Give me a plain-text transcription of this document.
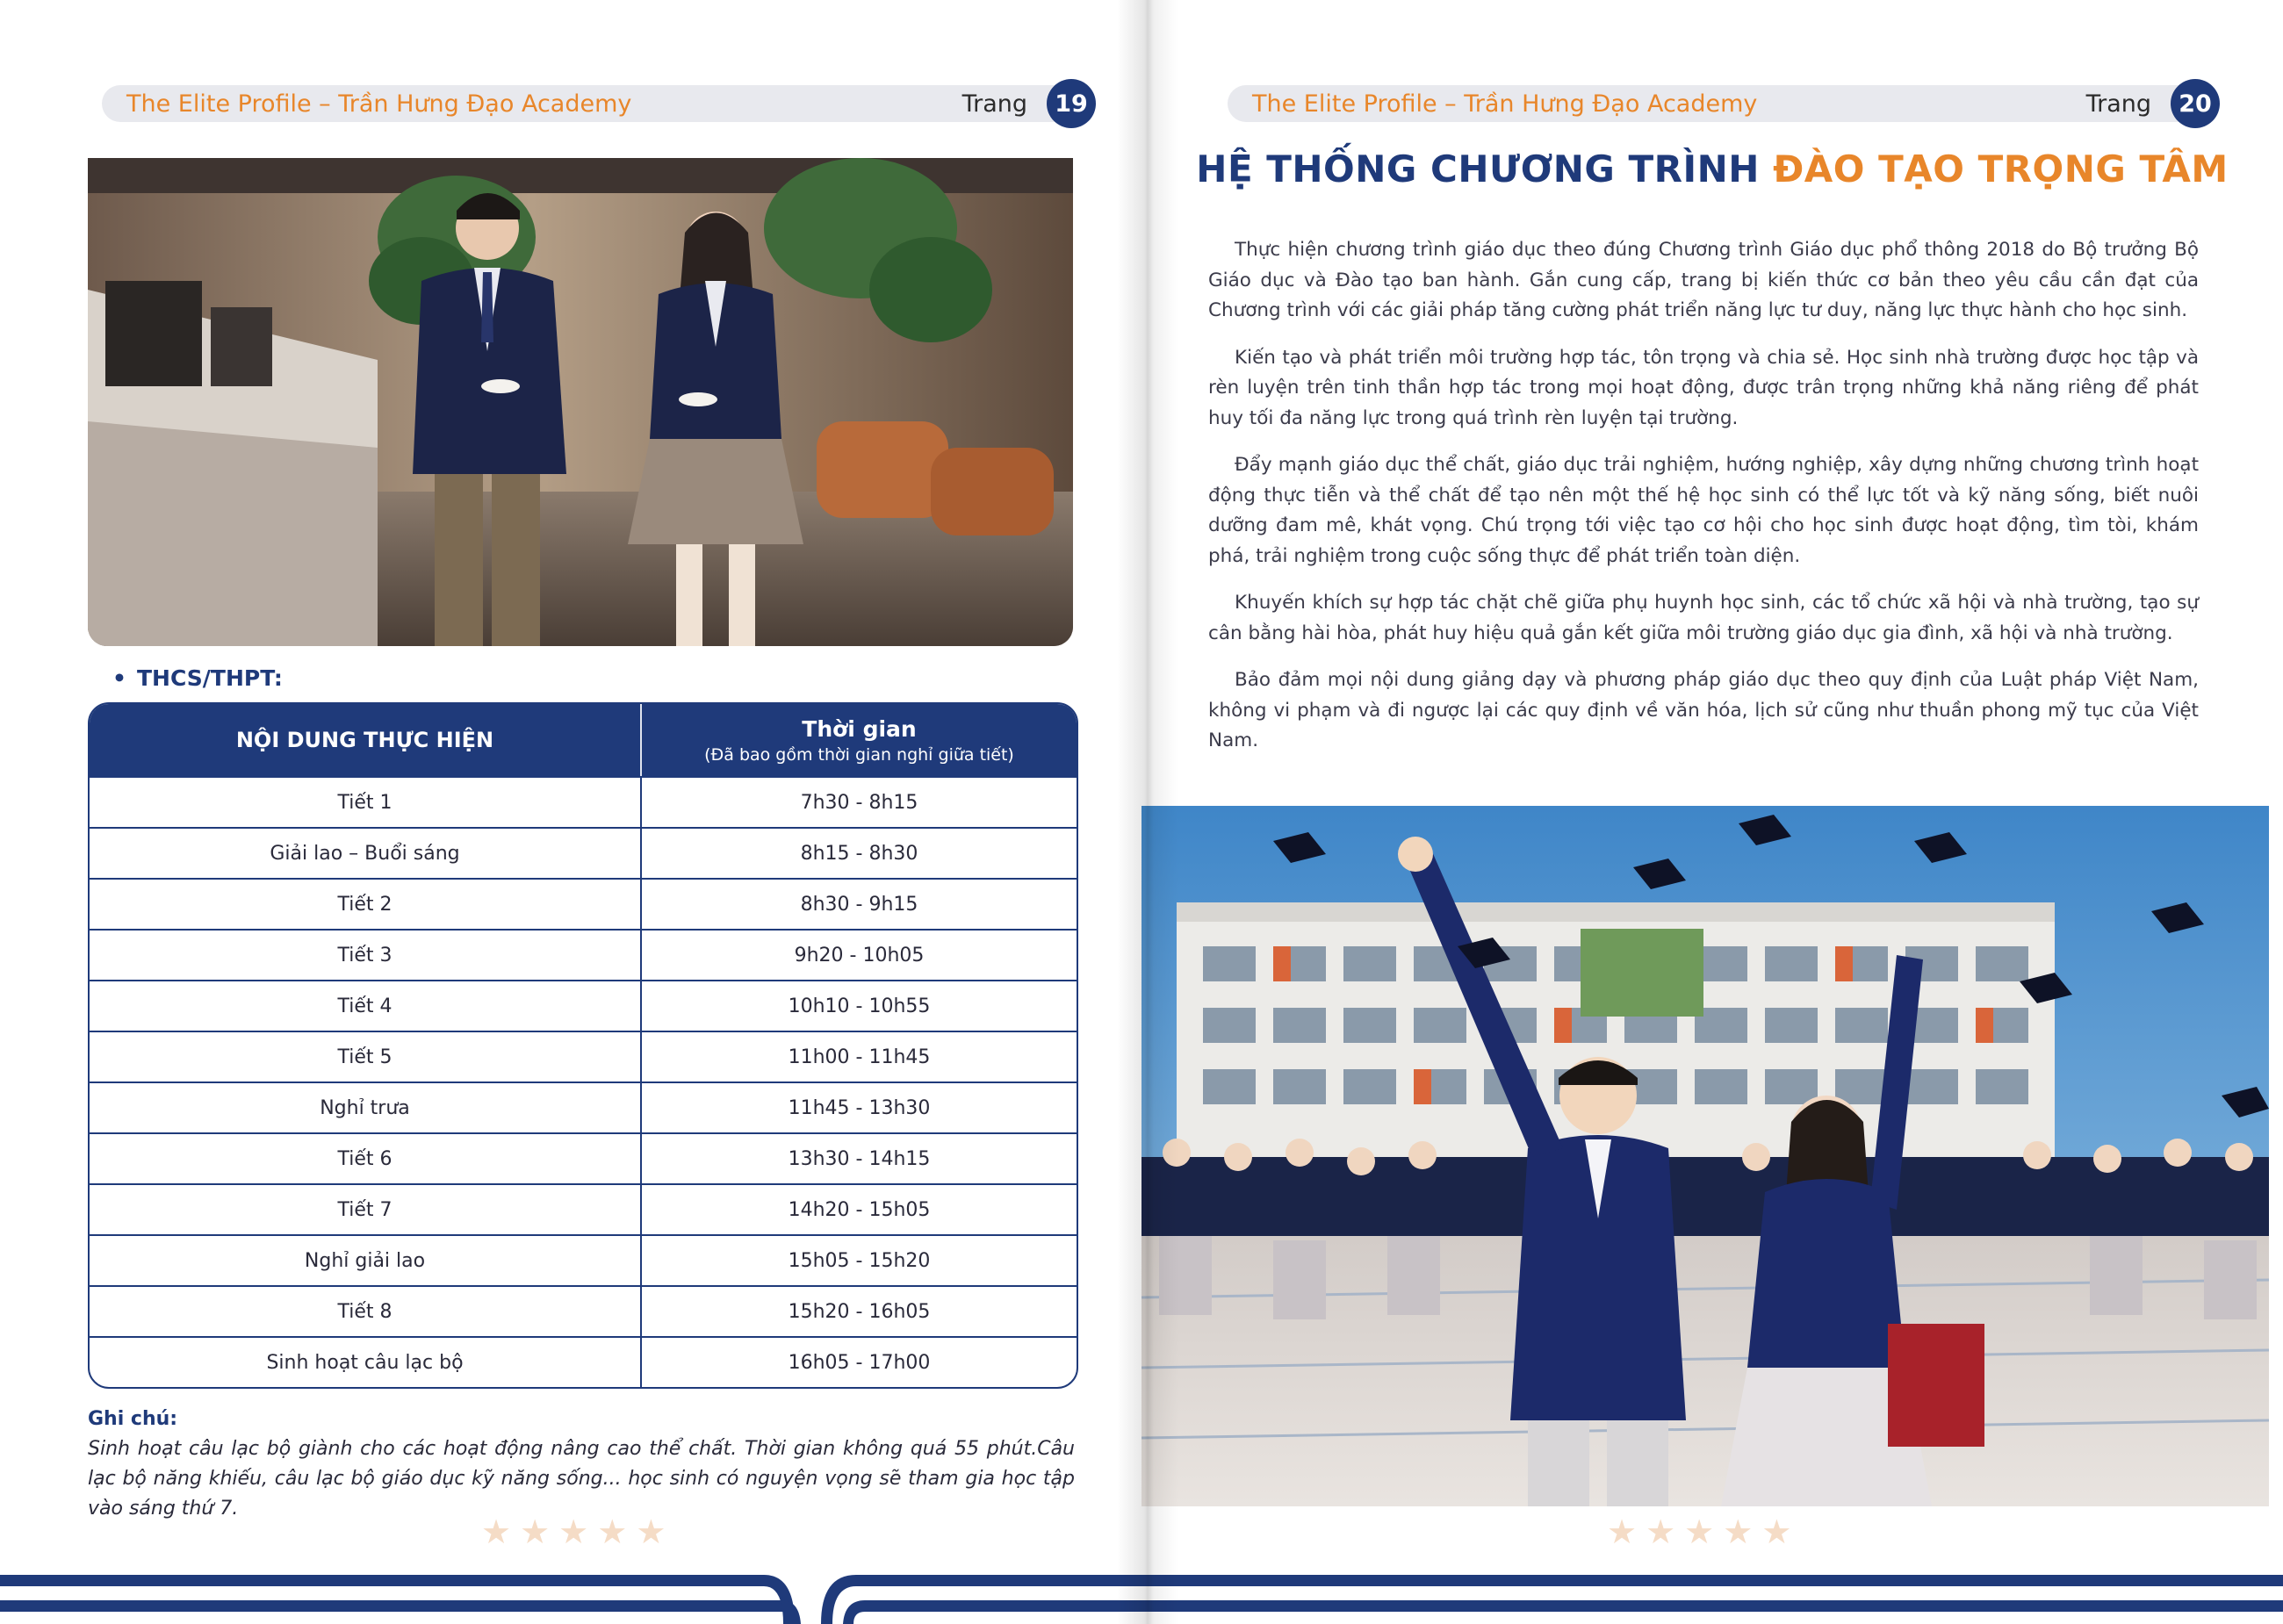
The Elite Profile – Trần Hưng Đạo Academy	Trang	19
• THCS/THPT:
NỘI DUNG THỰC HIỆN	Thời gian
(Đã bao gồm thời gian nghỉ giữa tiết)
Tiết 1	7h30 - 8h15
Giải lao – Buổi sáng	8h15 - 8h30
Tiết 2	8h30 - 9h15
Tiết 3	9h20 - 10h05
Tiết 4	10h10 - 10h55
Tiết 5	11h00 - 11h45
Nghỉ trưa	11h45 - 13h30
Tiết 6	13h30 - 14h15
Tiết 7	14h20 - 15h05
Nghỉ giải lao	15h05 - 15h20
Tiết 8	15h20 - 16h05
Sinh hoạt câu lạc bộ	16h05 - 17h00
Ghi chú:
Sinh hoạt câu lạc bộ giành cho các hoạt động nâng cao thể chất. Thời gian không quá 55 phút.Câu lạc bộ năng khiếu, câu lạc bộ giáo dục kỹ năng sống... học sinh có nguyện vọng sẽ tham gia học tập vào sáng thứ 7.
★ ★ ★ ★ ★
The Elite Profile – Trần Hưng Đạo Academy	Trang	20
HỆ THỐNG CHƯƠNG TRÌNH ĐÀO TẠO TRỌNG TÂM

Thực hiện chương trình giáo dục theo đúng Chương trình Giáo dục phổ thông 2018 do Bộ trưởng Bộ Giáo dục và Đào tạo ban hành. Gắn cung cấp, trang bị kiến thức cơ bản theo yêu cầu cần đạt của Chương trình với các giải pháp tăng cường phát triển năng lực tư duy, năng lực thực hành cho học sinh.

Kiến tạo và phát triển môi trường hợp tác, tôn trọng và chia sẻ. Học sinh nhà trường được học tập và rèn luyện trên tinh thần hợp tác trong mọi hoạt động, được trân trọng những khả năng riêng để phát huy tối đa năng lực trong quá trình rèn luyện tại trường.

Đẩy mạnh giáo dục thể chất, giáo dục trải nghiệm, hướng nghiệp, xây dựng những chương trình hoạt động thực tiễn và thể chất để tạo nên một thế hệ học sinh có thể lực tốt và kỹ năng sống, biết nuôi dưỡng đam mê, khát vọng. Chú trọng tới việc tạo cơ hội cho học sinh được hoạt động, tìm tòi, khám phá, trải nghiệm trong cuộc sống thực để phát triển toàn diện.

Khuyến khích sự hợp tác chặt chẽ giữa phụ huynh học sinh, các tổ chức xã hội và nhà trường, tạo sự cân bằng hài hòa, phát huy hiệu quả gắn kết giữa môi trường giáo dục gia đình, xã hội và nhà trường.

Bảo đảm mọi nội dung giảng dạy và phương pháp giáo dục theo quy định của Luật pháp Việt Nam, không vi phạm và đi ngược lại các quy định về văn hóa, lịch sử cũng như thuần phong mỹ tục của Việt Nam.

★ ★ ★ ★ ★
